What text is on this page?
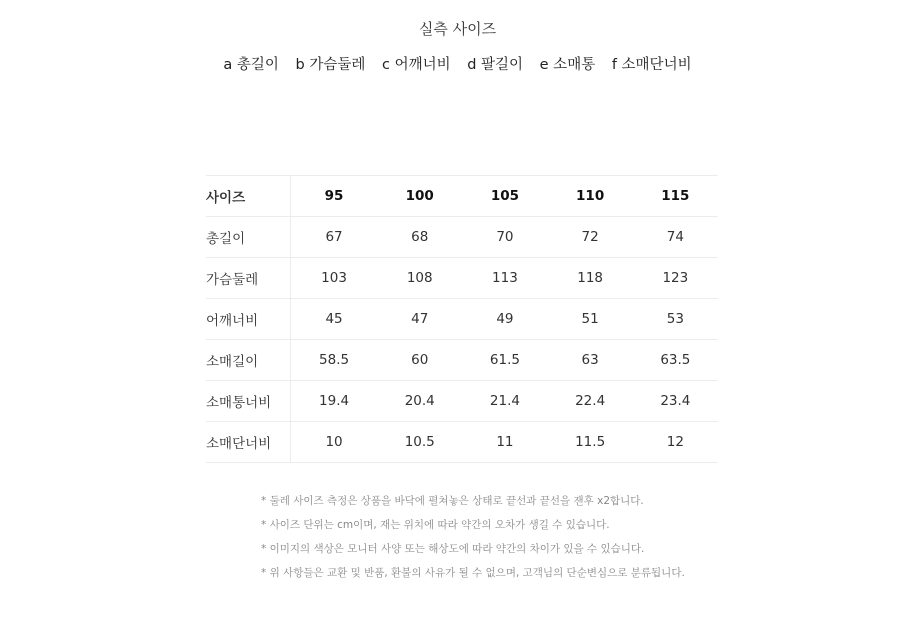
실측 사이즈
a 총길이 b 가슴둘레 c 어깨너비 d 팔길이 e 소매통 f 소매단너비
사이즈	95	100	105	110	115
총길이	67	68	70	72	74
가슴둘레	103	108	113	118	123
어깨너비	45	47	49	51	53
소매길이	58.5	60	61.5	63	63.5
소매통너비	19.4	20.4	21.4	22.4	23.4
소매단너비	10	10.5	11	11.5	12
* 둘레 사이즈 측정은 상품을 바닥에 펼쳐놓은 상태로 끝선과 끝선을 잰후 x2합니다.
* 사이즈 단위는 cm이며, 재는 위치에 따라 약간의 오차가 생길 수 있습니다.
* 이미지의 색상은 모니터 사양 또는 해상도에 따라 약간의 차이가 있을 수 있습니다.
* 위 사항들은 교환 및 반품, 환불의 사유가 될 수 없으며, 고객님의 단순변심으로 분류됩니다.
